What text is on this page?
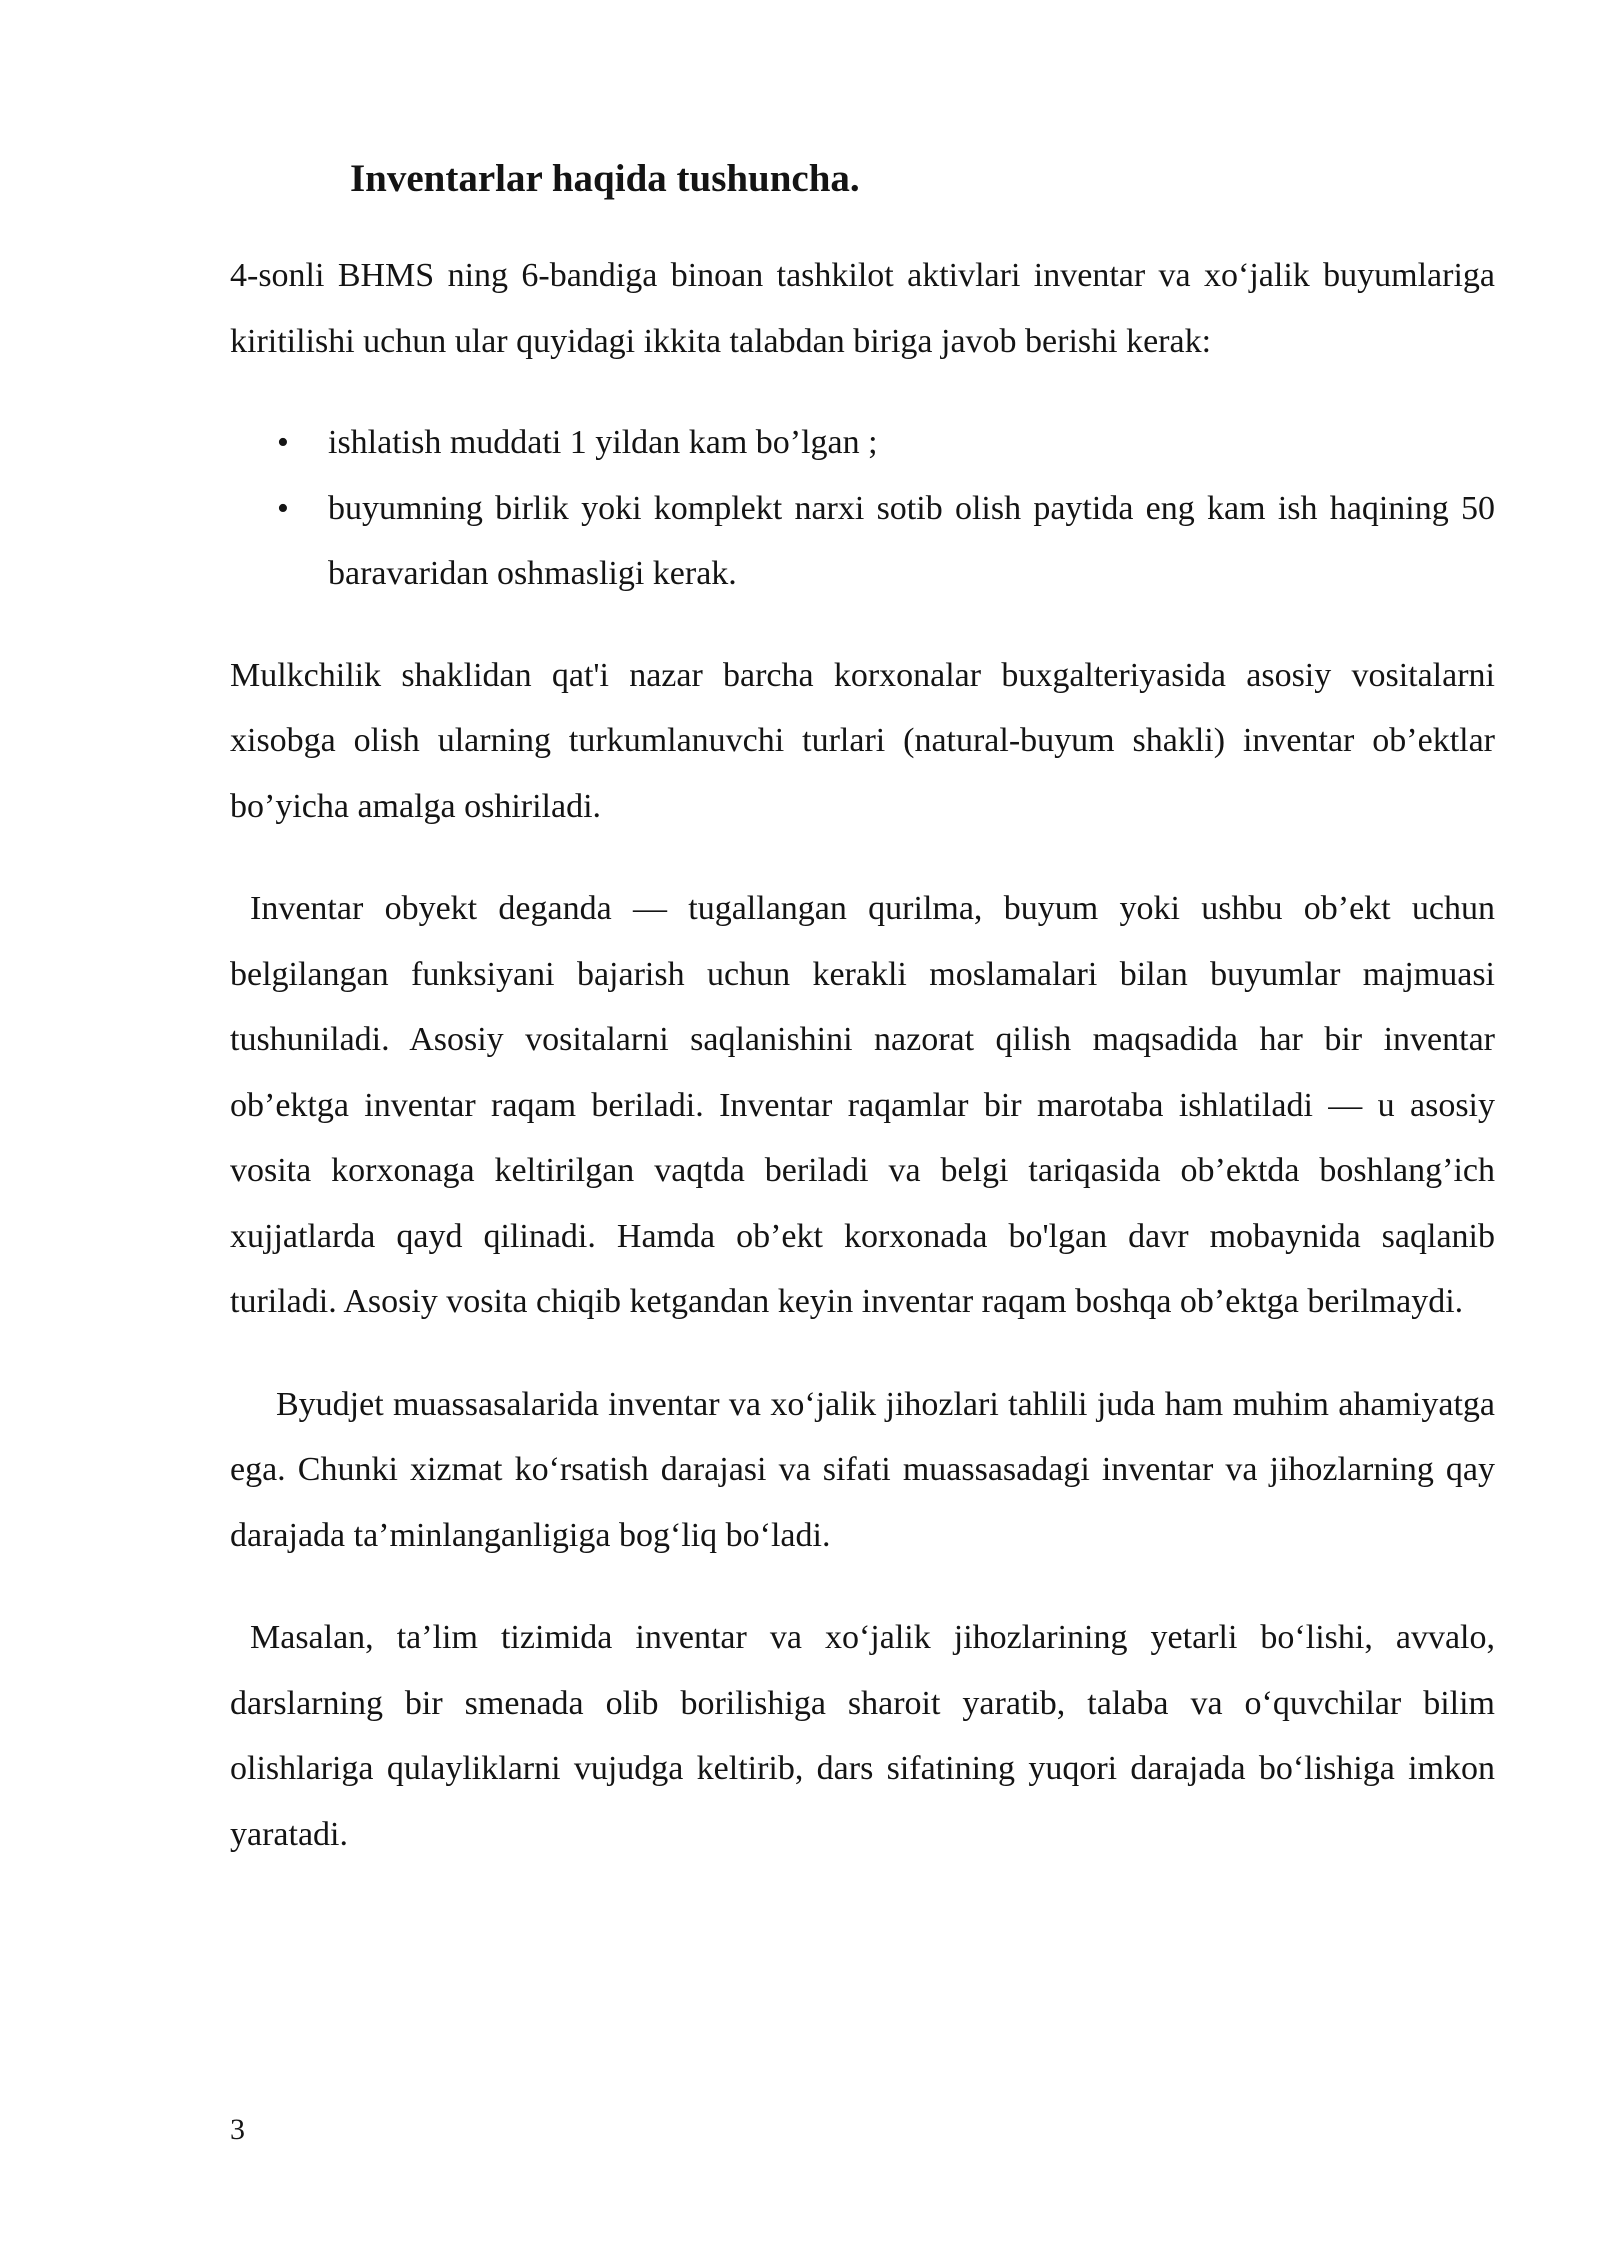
Inventarlar haqida tushuncha.

4-sonli BHMS ning 6-bandiga binoan tashkilot aktivlari inventar va xo‘jalik buyumlariga kiritilishi uchun ular quyidagi ikkita talabdan biriga javob berishi kerak:

• ishlatish muddati 1 yildan kam bo’lgan ;
• buyumning birlik yoki komplekt narxi sotib olish paytida eng kam ish haqining 50 baravaridan oshmasligi kerak.

Mulkchilik shaklidan qat'i nazar barcha korxonalar buxgalteriyasida asosiy vositalarni xisobga olish ularning turkumlanuvchi turlari (natural-buyum shakli) inventar ob’ektlar bo’yicha amalga oshiriladi.

Inventar obyekt deganda — tugallangan qurilma, buyum yoki ushbu ob’ekt uchun belgilangan funksiyani bajarish uchun kerakli moslamalari bilan buyumlar majmuasi tushuniladi. Asosiy vositalarni saqlanishini nazorat qilish maqsadida har bir inventar ob’ektga inventar raqam beriladi. Inventar raqamlar bir marotaba ishlatiladi — u asosiy vosita korxonaga keltirilgan vaqtda beriladi va belgi tariqasida ob’ektda boshlang’ich xujjatlarda qayd qilinadi. Hamda ob’ekt korxonada bo'lgan davr mobaynida saqlanib turiladi. Asosiy vosita chiqib ketgandan keyin inventar raqam boshqa ob’ektga berilmaydi.

Byudjet muassasalarida inventar va xo‘jalik jihozlari tahlili juda ham muhim ahamiyatga ega. Chunki xizmat ko‘rsatish darajasi va sifati muassasadagi inventar va jihozlarning qay darajada ta’minlanganligiga bog‘liq bo‘ladi.

Masalan, ta’lim tizimida inventar va xo‘jalik jihozlarining yetarli bo‘lishi, avvalo, darslarning bir smenada olib borilishiga sharoit yaratib, talaba va o‘quvchilar bilim olishlariga qulayliklarni vujudga keltirib, dars sifatining yuqori darajada bo‘lishiga imkon yaratadi.

3
